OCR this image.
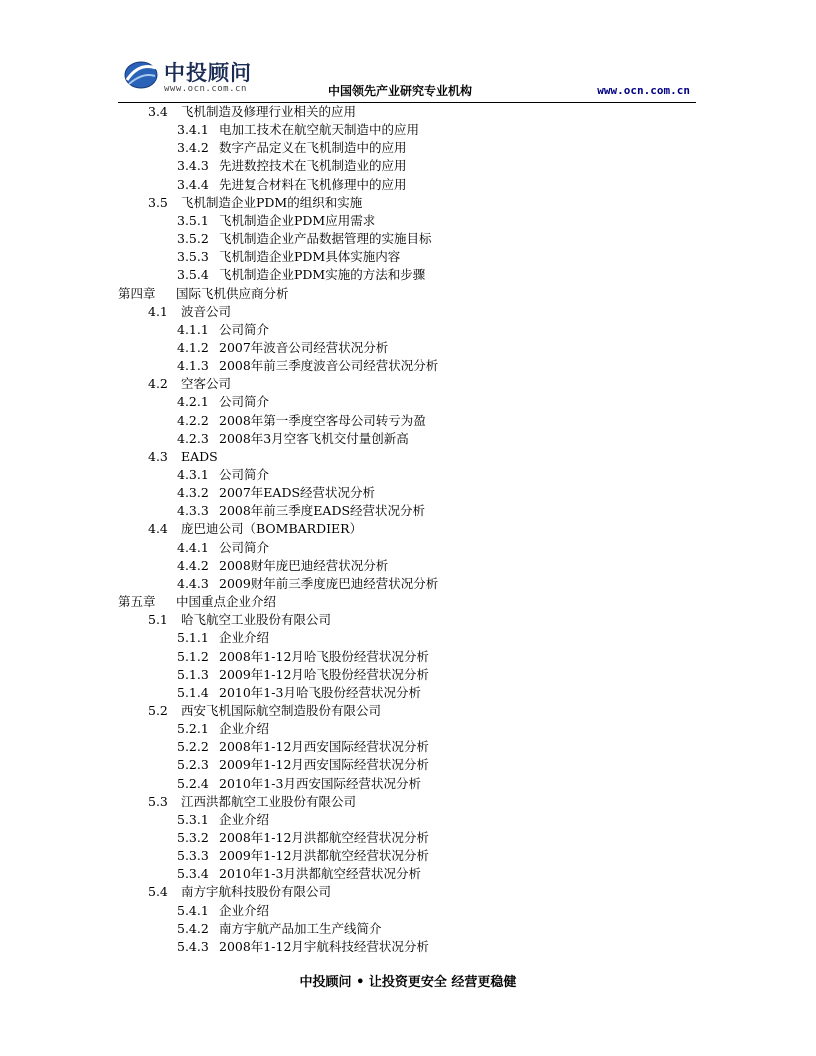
中投顾问
www.ocn.com.cn	中国领先产业研究专业机构	www.ocn.com.cn
3.4 飞机制造及修理行业相关的应用
3.4.1 电加工技术在航空航天制造中的应用
3.4.2 数字产品定义在飞机制造中的应用
3.4.3 先进数控技术在飞机制造业的应用
3.4.4 先进复合材料在飞机修理中的应用
3.5 飞机制造企业PDM的组织和实施
3.5.1 飞机制造企业PDM应用需求
3.5.2 飞机制造企业产品数据管理的实施目标
3.5.3 飞机制造企业PDM具体实施内容
3.5.4 飞机制造企业PDM实施的方法和步骤
第四章 国际飞机供应商分析
4.1 波音公司
4.1.1 公司简介
4.1.2 2007年波音公司经营状况分析
4.1.3 2008年前三季度波音公司经营状况分析
4.2 空客公司
4.2.1 公司简介
4.2.2 2008年第一季度空客母公司转亏为盈
4.2.3 2008年3月空客飞机交付量创新高
4.3 EADS
4.3.1 公司简介
4.3.2 2007年EADS经营状况分析
4.3.3 2008年前三季度EADS经营状况分析
4.4 庞巴迪公司（BOMBARDIER）
4.4.1 公司简介
4.4.2 2008财年庞巴迪经营状况分析
4.4.3 2009财年前三季度庞巴迪经营状况分析
第五章 中国重点企业介绍
5.1 哈飞航空工业股份有限公司
5.1.1 企业介绍
5.1.2 2008年1-12月哈飞股份经营状况分析
5.1.3 2009年1-12月哈飞股份经营状况分析
5.1.4 2010年1-3月哈飞股份经营状况分析
5.2 西安飞机国际航空制造股份有限公司
5.2.1 企业介绍
5.2.2 2008年1-12月西安国际经营状况分析
5.2.3 2009年1-12月西安国际经营状况分析
5.2.4 2010年1-3月西安国际经营状况分析
5.3 江西洪都航空工业股份有限公司
5.3.1 企业介绍
5.3.2 2008年1-12月洪都航空经营状况分析
5.3.3 2009年1-12月洪都航空经营状况分析
5.3.4 2010年1-3月洪都航空经营状况分析
5.4 南方宇航科技股份有限公司
5.4.1 企业介绍
5.4.2 南方宇航产品加工生产线简介
5.4.3 2008年1-12月宇航科技经营状况分析
中投顾问 • 让投资更安全 经营更稳健
